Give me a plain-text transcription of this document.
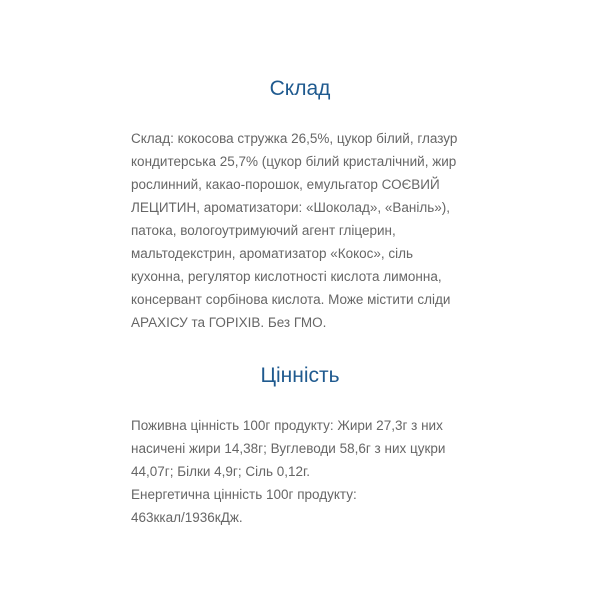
Склад
Склад: кокосова стружка 26,5%, цукор білий, глазур
кондитерська 25,7% (цукор білий кристалічний, жир
рослинний, какао-порошок, емульгатор СОЄВИЙ
ЛЕЦИТИН, ароматизатори: «Шоколад», «Ваніль»),
патока, вологоутримуючий агент гліцерин,
мальтодекстрин, ароматизатор «Кокос», сіль
кухонна, регулятор кислотності кислота лимонна,
консервант сорбінова кислота. Може містити сліди
АРАХІСУ та ГОРІХІВ. Без ГМО.
Цінність
Поживна цінність 100г продукту: Жири 27,3г з них
насичені жири 14,38г; Вуглеводи 58,6г з них цукри
44,07г; Білки 4,9г; Сіль 0,12г.
Енергетична цінність 100г продукту:
463ккал/1936кДж.
